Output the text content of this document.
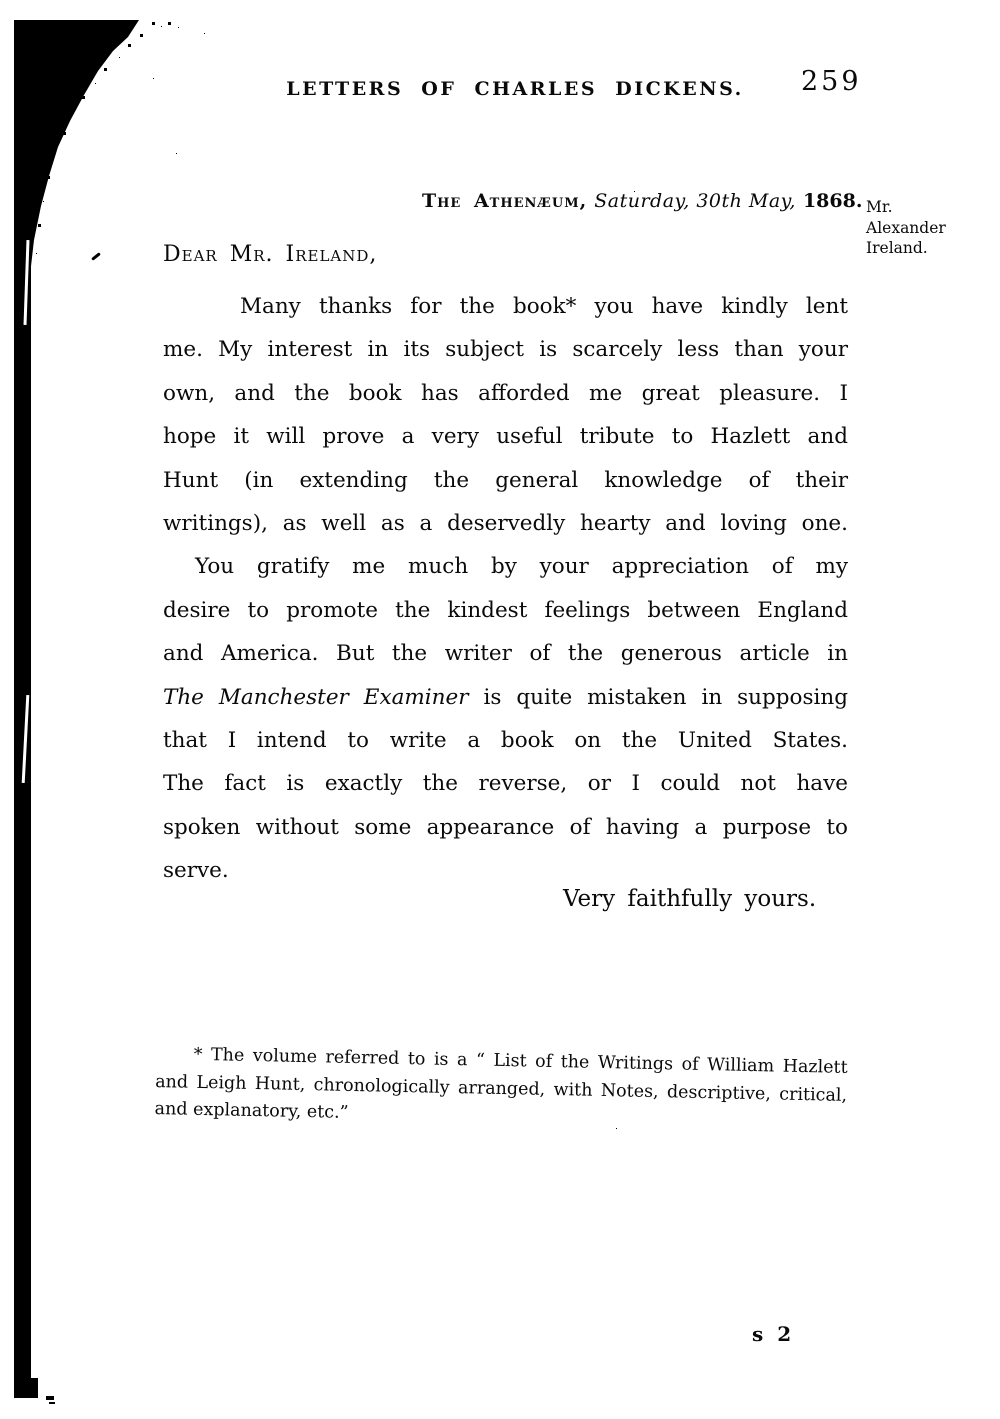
LETTERS OF CHARLES DICKENS.	259
The Athenæum, Saturday, 30th May, 1868. Mr.
Alexander
Ireland.
Dear Mr. Ireland,
Many thanks for the book* you have kindly lent
me. My interest in its subject is scarcely less than your
own, and the book has afforded me great pleasure. I
hope it will prove a very useful tribute to Hazlett and
Hunt (in extending the general knowledge of their
writings), as well as a deservedly hearty and loving one.
You gratify me much by your appreciation of my
desire to promote the kindest feelings between England
and America. But the writer of the generous article in
The Manchester Examiner is quite mistaken in supposing
that I intend to write a book on the United States.
The fact is exactly the reverse, or I could not have
spoken without some appearance of having a purpose to
serve.
Very faithfully yours.
* The volume referred to is a “ List of the Writings of William Hazlett
and Leigh Hunt, chronologically arranged, with Notes, descriptive, critical,
and explanatory, etc.”
s 2
